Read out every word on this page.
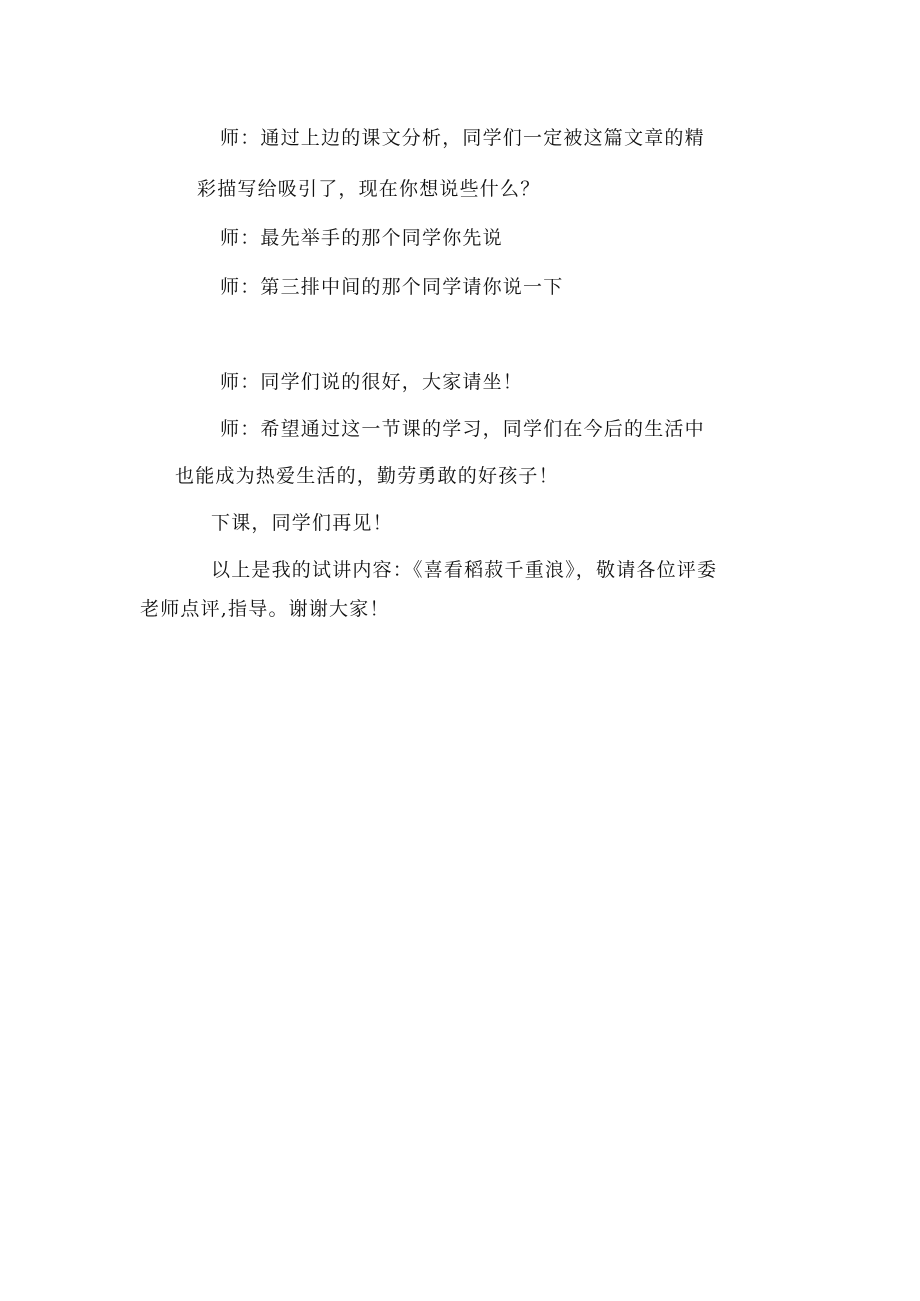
师：通过上边的课文分析，同学们一定被这篇文章的精
彩描写给吸引了，现在你想说些什么？
师：最先举手的那个同学你先说
师：第三排中间的那个同学请你说一下
师：同学们说的很好，大家请坐！
师：希望通过这一节课的学习，同学们在今后的生活中
也能成为热爱生活的，勤劳勇敢的好孩子！
下课，同学们再见！
以上是我的试讲内容：《喜看稻菽千重浪》，敬请各位评委
老师点评,指导。谢谢大家！
